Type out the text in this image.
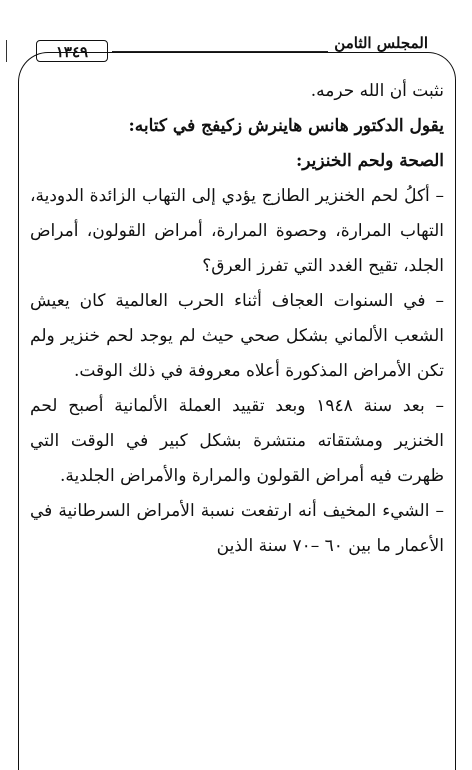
المجلس الثامن
١٣٤٩

نثبت أن الله حرمه.

يقول الدكتور هانس هاينرش زكيفج في كتابه:

الصحة ولحم الخنزير:

– أكلُ لحم الخنزير الطازج يؤدي إلى التهاب الزائدة الدودية، التهاب المرارة، وحصوة المرارة، أمراض القولون، أمراض الجلد، تقيح الغدد التي تفرز العرق؟

– في السنوات العجاف أثناء الحرب العالمية كان يعيش الشعب الألماني بشكل صحي حيث لم يوجد لحم خنزير ولم تكن الأمراض المذكورة أعلاه معروفة في ذلك الوقت.

– بعد سنة ١٩٤٨ وبعد تقييد العملة الألمانية أصبح لحم الخنزير ومشتقاته منتشرة بشكل كبير في الوقت التي ظهرت فيه أمراض القولون والمرارة والأمراض الجلدية.

– الشيء المخيف أنه ارتفعت نسبة الأمراض السرطانية في الأعمار ما بين ٦٠ –٧٠ سنة الذين
